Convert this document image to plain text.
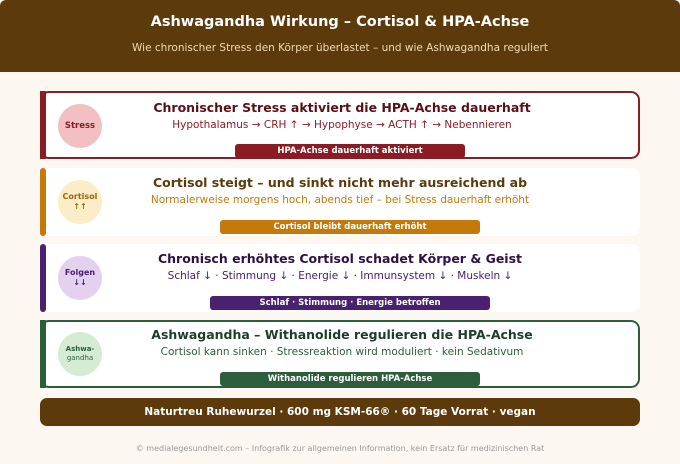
Ashwagandha Wirkung – Cortisol & HPA-Achse
Wie chronischer Stress den Körper überlastet – und wie Ashwagandha reguliert
Stress
Chronischer Stress aktiviert die HPA-Achse dauerhaft
Hypothalamus → CRH ↑ → Hypophyse → ACTH ↑ → Nebennieren
HPA-Achse dauerhaft aktiviert
Cortisol
↑↑
Cortisol steigt – und sinkt nicht mehr ausreichend ab
Normalerweise morgens hoch, abends tief – bei Stress dauerhaft erhöht
Cortisol bleibt dauerhaft erhöht
Folgen
↓↓
Chronisch erhöhtes Cortisol schadet Körper & Geist
Schlaf ↓ · Stimmung ↓ · Energie ↓ · Immunsystem ↓ · Muskeln ↓
Schlaf · Stimmung · Energie betroffen
Ashwa-
gandha
Ashwagandha – Withanolide regulieren die HPA-Achse
Cortisol kann sinken · Stressreaktion wird moduliert · kein Sedativum
Withanolide regulieren HPA-Achse
Naturtreu Ruhewurzel · 600 mg KSM-66® · 60 Tage Vorrat · vegan
© medialegesundheit.com – Infografik zur allgemeinen Information, kein Ersatz für medizinischen Rat
